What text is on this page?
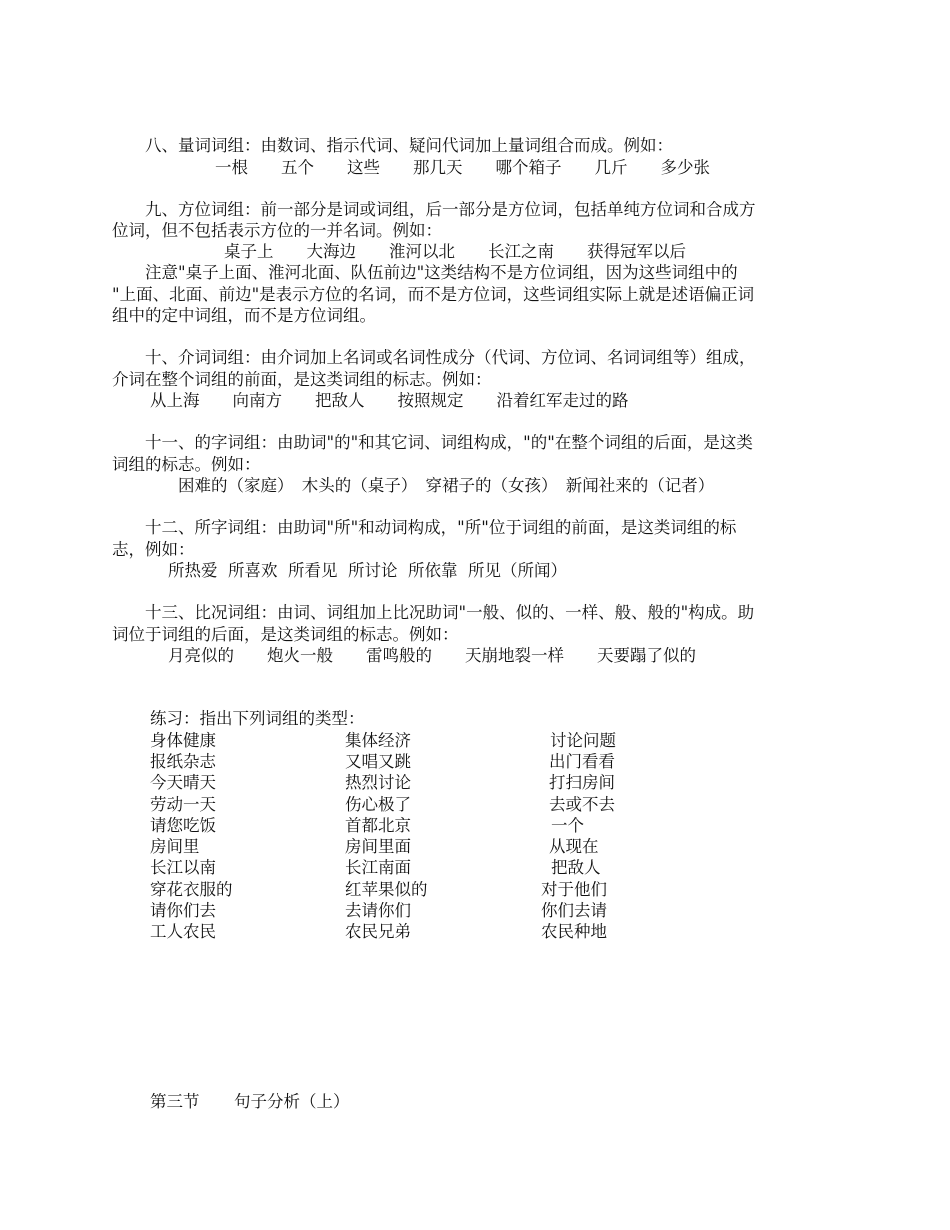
　　八、量词词组：由数词、指示代词、疑问代词加上量词组合而成。例如：

一根　　五个　　这些　　那几天　　哪个箱子　　几斤　　多少张

　　九、方位词组：前一部分是词或词组，后一部分是方位词，包括单纯方位词和合成方

位词，但不包括表示方位的一并名词。例如：

桌子上　　大海边　　淮河以北　　长江之南　　获得冠军以后

　　注意"桌子上面、淮河北面、队伍前边"这类结构不是方位词组，因为这些词组中的

"上面、北面、前边"是表示方位的名词，而不是方位词，这些词组实际上就是述语偏正词

组中的定中词组，而不是方位词组。

　　十、介词词组：由介词加上名词或名词性成分（代词、方位词、名词词组等）组成，

介词在整个词组的前面，是这类词组的标志。例如：

从上海　　向南方　　把敌人　　按照规定　　沿着红军走过的路

　　十一、的字词组：由助词"的"和其它词、词组构成，"的"在整个词组的后面，是这类

词组的标志。例如：

困难的（家庭）　木头的（桌子）　穿裙子的（女孩）　新闻社来的（记者）

　　十二、所字词组：由助词"所"和动词构成，"所"位于词组的前面，是这类词组的标

志，例如：

所热爱  所喜欢  所看见  所讨论  所依靠  所见（所闻）

　　十三、比况词组：由词、词组加上比况助词"一般、似的、一样、般、般的"构成。助

词位于词组的后面，是这类词组的标志。例如：

月亮似的　　炮火一般　　雷鸣般的　　天崩地裂一样　　天要蹋了似的

练习：指出下列词组的类型：

身体健康	集体经济	讨论问题
报纸杂志	又唱又跳	出门看看
今天晴天	热烈讨论	打扫房间
劳动一天	伤心极了	去或不去
请您吃饭	首都北京	一个
房间里	房间里面	从现在
长江以南	长江南面	把敌人
穿花衣服的	红苹果似的	对于他们
请你们去	去请你们	你们去请
工人农民	农民兄弟	农民种地
第三节 句子分析（上）
